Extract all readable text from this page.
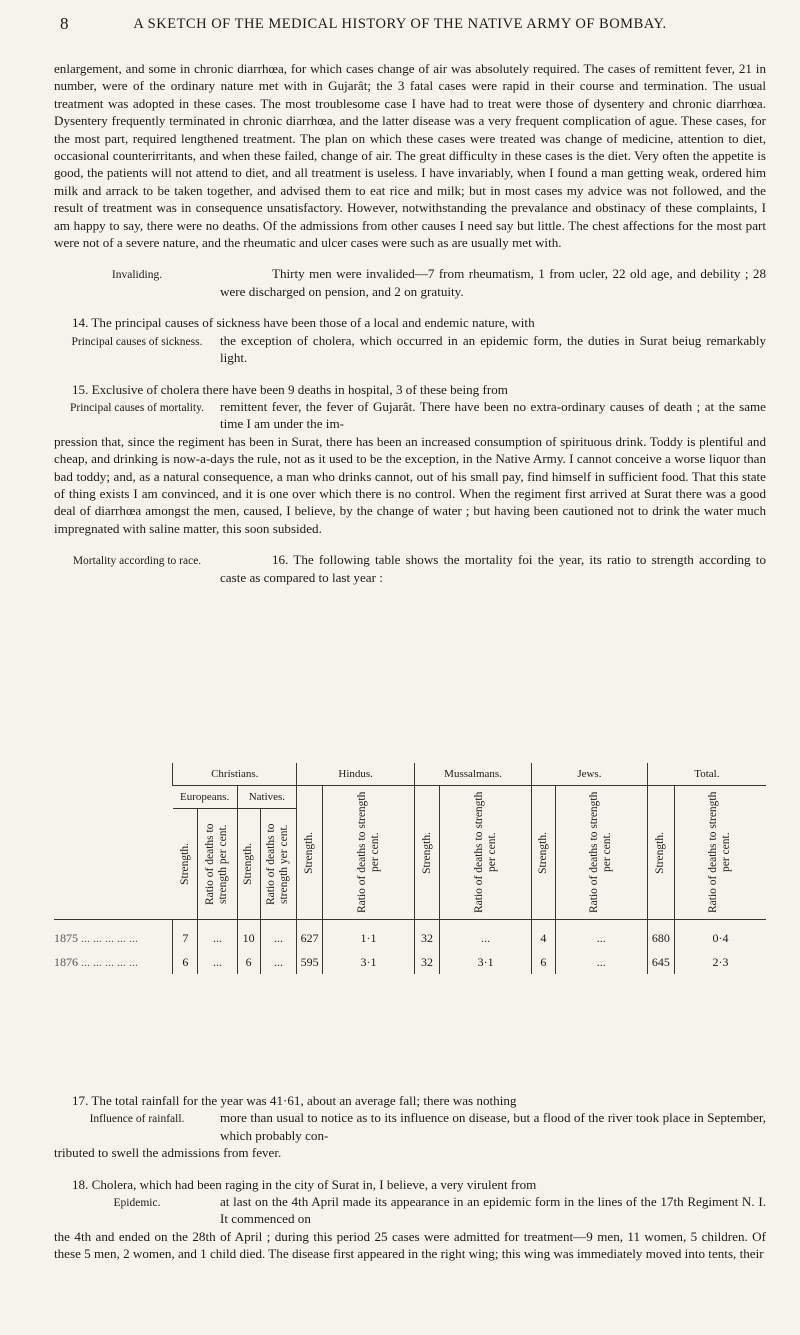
8	A SKETCH OF THE MEDICAL HISTORY OF THE NATIVE ARMY OF BOMBAY.

enlargement, and some in chronic diarrhœa, for which cases change of air was absolutely required. The cases of remittent fever, 21 in number, were of the ordinary nature met with in Gujarât; the 3 fatal cases were rapid in their course and termination. The usual treatment was adopted in these cases. The most troublesome case I have had to treat were those of dysentery and chronic diarrhœa. Dysentery frequently terminated in chronic diarrhœa, and the latter disease was a very frequent complication of ague. These cases, for the most part, required lengthened treatment. The plan on which these cases were treated was change of medicine, attention to diet, occasional counterirritants, and when these failed, change of air. The great difficulty in these cases is the diet. Very often the appetite is good, the patients will not attend to diet, and all treatment is useless. I have invariably, when I found a man getting weak, ordered him milk and arrack to be taken together, and advised them to eat rice and milk; but in most cases my advice was not followed, and the result of treatment was in consequence unsatisfactory. However, notwithstanding the prevalance and obstinacy of these complaints, I am happy to say, there were no deaths. Of the admissions from other causes I need say but little. The chest affections for the most part were not of a severe nature, and the rheumatic and ulcer cases were such as are usually met with.

Invaliding.	Thirty men were invalided—7 from rheumatism, 1 from ucler, 22 old age, and debility ; 28 were discharged on pension, and 2 on gratuity.

14. The principal causes of sickness have been those of a local and endemic nature, with

Principal causes of sickness.	the exception of cholera, which occurred in an epidemic form, the duties in Surat beiug remarkably light.

15. Exclusive of cholera there have been 9 deaths in hospital, 3 of these being from

Principal causes of mortality.	remittent fever, the fever of Gujarât. There have been no extra-ordinary causes of death ; at the same time I am under the im-

pression that, since the regiment has been in Surat, there has been an increased consumption of spirituous drink. Toddy is plentiful and cheap, and drinking is now-a-days the rule, not as it used to be the exception, in the Native Army. I cannot conceive a worse liquor than bad toddy; and, as a natural consequence, a man who drinks cannot, out of his small pay, find himself in sufficient food. That this state of thing exists I am convinced, and it is one over which there is no control. When the regiment first arrived at Surat there was a good deal of diarrhœa amongst the men, caused, I believe, by the change of water ; but having been cautioned not to drink the water much impregnated with saline matter, this soon subsided.

Mortality according to race.	16. The following table shows the mortality foi the year, its ratio to strength according to caste as compared to last year :
	Christians.				Hindus.		Mussalmans.		Jews.		Total.	
	Europeans.		Natives.		Strength.	Ratio of deaths to strength per cent.	Strength.	Ratio of deaths to strength per cent.	Strength.	Ratio of deaths to strength per cent.	Strength.	Ratio of deaths to strength per cent.

	Strength.	Ratio of deaths to strength per cent.	Strength.	Ratio of deaths to strength yer cent.								

1875 ... ... ... ... ...	7	...	10	...	627	1·1	32	...	4	...	680	0·4
1876 ... ... ... ... ...	6	...	6	...	595	3·1	32	3·1	6	...	645	2·3

17. The total rainfall for the year was 41·61, about an average fall; there was nothing

Influence of rainfall.	more than usual to notice as to its influence on disease, but a flood of the river took place in September, which probably con-

tributed to swell the admissions from fever.

18. Cholera, which had been raging in the city of Surat in, I believe, a very virulent from

Epidemic.	at last on the 4th April made its appearance in an epidemic form in the lines of the 17th Regiment N. I. It commenced on

the 4th and ended on the 28th of April ; during this period 25 cases were admitted for treatment—9 men, 11 women, 5 children. Of these 5 men, 2 women, and 1 child died. The disease first appeared in the right wing; this wing was immediately moved into tents, their
